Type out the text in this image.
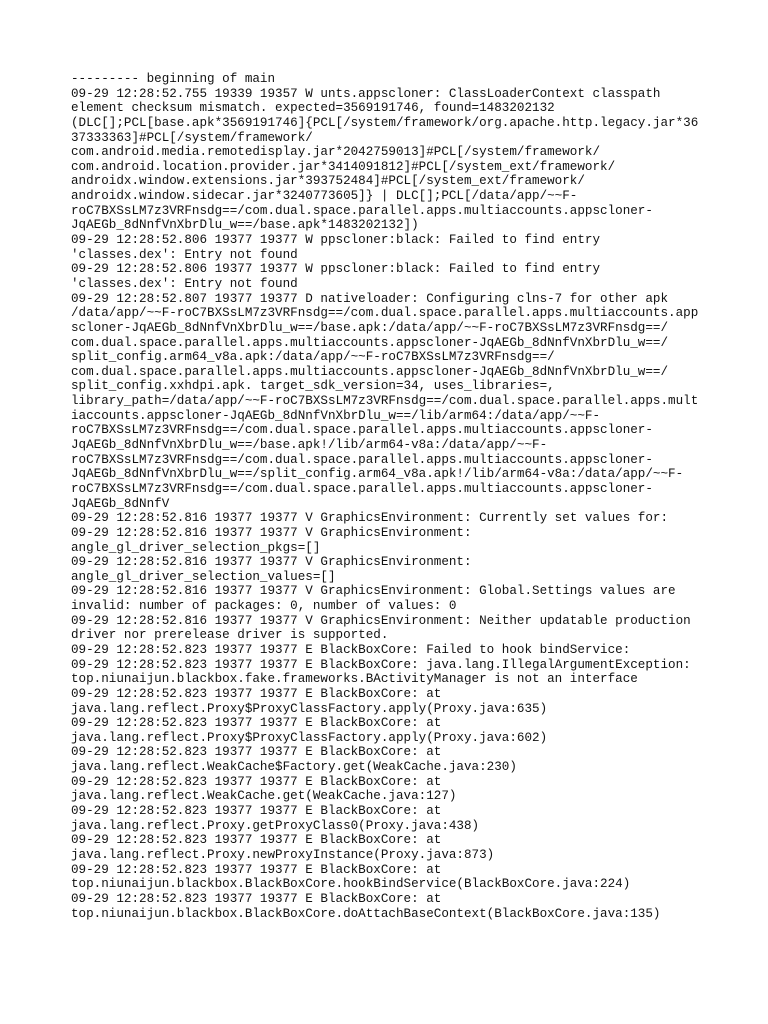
--------- beginning of main
09-29 12:28:52.755 19339 19357 W unts.appscloner: ClassLoaderContext classpath
element checksum mismatch. expected=3569191746, found=1483202132
(DLC[];PCL[base.apk*3569191746]{PCL[/system/framework/org.apache.http.legacy.jar*36
37333363]#PCL[/system/framework/
com.android.media.remotedisplay.jar*2042759013]#PCL[/system/framework/
com.android.location.provider.jar*3414091812]#PCL[/system_ext/framework/
androidx.window.extensions.jar*393752484]#PCL[/system_ext/framework/
androidx.window.sidecar.jar*3240773605]} | DLC[];PCL[/data/app/~~F-
roC7BXSsLM7z3VRFnsdg==/com.dual.space.parallel.apps.multiaccounts.appscloner-
JqAEGb_8dNnfVnXbrDlu_w==/base.apk*1483202132])
09-29 12:28:52.806 19377 19377 W ppscloner:black: Failed to find entry
'classes.dex': Entry not found
09-29 12:28:52.806 19377 19377 W ppscloner:black: Failed to find entry
'classes.dex': Entry not found
09-29 12:28:52.807 19377 19377 D nativeloader: Configuring clns-7 for other apk
/data/app/~~F-roC7BXSsLM7z3VRFnsdg==/com.dual.space.parallel.apps.multiaccounts.app
scloner-JqAEGb_8dNnfVnXbrDlu_w==/base.apk:/data/app/~~F-roC7BXSsLM7z3VRFnsdg==/
com.dual.space.parallel.apps.multiaccounts.appscloner-JqAEGb_8dNnfVnXbrDlu_w==/
split_config.arm64_v8a.apk:/data/app/~~F-roC7BXSsLM7z3VRFnsdg==/
com.dual.space.parallel.apps.multiaccounts.appscloner-JqAEGb_8dNnfVnXbrDlu_w==/
split_config.xxhdpi.apk. target_sdk_version=34, uses_libraries=,
library_path=/data/app/~~F-roC7BXSsLM7z3VRFnsdg==/com.dual.space.parallel.apps.mult
iaccounts.appscloner-JqAEGb_8dNnfVnXbrDlu_w==/lib/arm64:/data/app/~~F-
roC7BXSsLM7z3VRFnsdg==/com.dual.space.parallel.apps.multiaccounts.appscloner-
JqAEGb_8dNnfVnXbrDlu_w==/base.apk!/lib/arm64-v8a:/data/app/~~F-
roC7BXSsLM7z3VRFnsdg==/com.dual.space.parallel.apps.multiaccounts.appscloner-
JqAEGb_8dNnfVnXbrDlu_w==/split_config.arm64_v8a.apk!/lib/arm64-v8a:/data/app/~~F-
roC7BXSsLM7z3VRFnsdg==/com.dual.space.parallel.apps.multiaccounts.appscloner-
JqAEGb_8dNnfV
09-29 12:28:52.816 19377 19377 V GraphicsEnvironment: Currently set values for:
09-29 12:28:52.816 19377 19377 V GraphicsEnvironment:
angle_gl_driver_selection_pkgs=[]
09-29 12:28:52.816 19377 19377 V GraphicsEnvironment:
angle_gl_driver_selection_values=[]
09-29 12:28:52.816 19377 19377 V GraphicsEnvironment: Global.Settings values are
invalid: number of packages: 0, number of values: 0
09-29 12:28:52.816 19377 19377 V GraphicsEnvironment: Neither updatable production
driver nor prerelease driver is supported.
09-29 12:28:52.823 19377 19377 E BlackBoxCore: Failed to hook bindService:
09-29 12:28:52.823 19377 19377 E BlackBoxCore: java.lang.IllegalArgumentException:
top.niunaijun.blackbox.fake.frameworks.BActivityManager is not an interface
09-29 12:28:52.823 19377 19377 E BlackBoxCore: at
java.lang.reflect.Proxy$ProxyClassFactory.apply(Proxy.java:635)
09-29 12:28:52.823 19377 19377 E BlackBoxCore: at
java.lang.reflect.Proxy$ProxyClassFactory.apply(Proxy.java:602)
09-29 12:28:52.823 19377 19377 E BlackBoxCore: at
java.lang.reflect.WeakCache$Factory.get(WeakCache.java:230)
09-29 12:28:52.823 19377 19377 E BlackBoxCore: at
java.lang.reflect.WeakCache.get(WeakCache.java:127)
09-29 12:28:52.823 19377 19377 E BlackBoxCore: at
java.lang.reflect.Proxy.getProxyClass0(Proxy.java:438)
09-29 12:28:52.823 19377 19377 E BlackBoxCore: at
java.lang.reflect.Proxy.newProxyInstance(Proxy.java:873)
09-29 12:28:52.823 19377 19377 E BlackBoxCore: at
top.niunaijun.blackbox.BlackBoxCore.hookBindService(BlackBoxCore.java:224)
09-29 12:28:52.823 19377 19377 E BlackBoxCore: at
top.niunaijun.blackbox.BlackBoxCore.doAttachBaseContext(BlackBoxCore.java:135)
